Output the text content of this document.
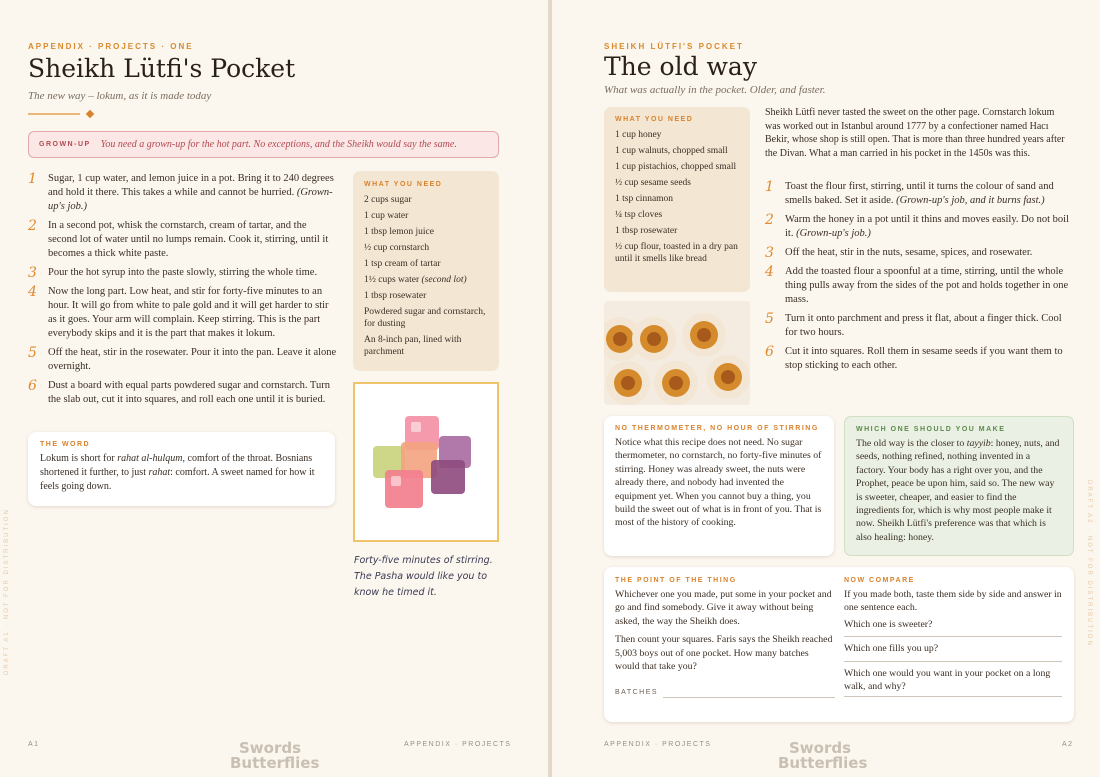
APPENDIX · PROJECTS · ONE
Sheikh Lütfi's Pocket
The new way – lokum, as it is made today
GROWN-UP You need a grown-up for the hot part. No exceptions, and the Sheikh would say the same.
1 Sugar, 1 cup water, and lemon juice in a pot. Bring it to 240 degrees and hold it there. This takes a while and cannot be hurried. (Grown-up's job.)
2 In a second pot, whisk the cornstarch, cream of tartar, and the second lot of water until no lumps remain. Cook it, stirring, until it becomes a thick white paste.
3 Pour the hot syrup into the paste slowly, stirring the whole time.
4 Now the long part. Low heat, and stir for forty-five minutes to an hour. It will go from white to pale gold and it will get harder to stir as it goes. Your arm will complain. Keep stirring. This is the part everybody skips and it is the part that makes it lokum.
5 Off the heat, stir in the rosewater. Pour it into the pan. Leave it alone overnight.
6 Dust a board with equal parts powdered sugar and cornstarch. Turn the slab out, cut it into squares, and roll each one until it is buried.
THE WORD
Lokum is short for rahat al-hulqum, comfort of the throat. Bosnians shortened it further, to just rahat: comfort. A sweet named for how it feels going down.
WHAT YOU NEED
2 cups sugar
1 cup water
1 tbsp lemon juice
½ cup cornstarch
1 tsp cream of tartar
1½ cups water (second lot)
1 tbsp rosewater
Powdered sugar and cornstarch, for dusting
An 8-inch pan, lined with parchment
Forty-five minutes of stirring.
The Pasha would like you to
know he timed it.
DRAFT A1 · NOT FOR DISTRIBUTION
A1	Swords
Butterflies
APPENDIX · PROJECTS
SHEIKH LÜTFI'S POCKET
The old way
What was actually in the pocket. Older, and faster.
WHAT YOU NEED
1 cup honey
1 cup walnuts, chopped small
1 cup pistachios, chopped small
½ cup sesame seeds
1 tsp cinnamon
¼ tsp cloves
1 tbsp rosewater
½ cup flour, toasted in a dry pan until it smells like bread
Sheikh Lütfi never tasted the sweet on the other page. Cornstarch lokum was worked out in Istanbul around 1777 by a confectioner named Hacı Bekir, whose shop is still open. That is more than three hundred years after the Divan. What a man carried in his pocket in the 1450s was this.
1 Toast the flour first, stirring, until it turns the colour of sand and smells baked. Set it aside. (Grown-up's job, and it burns fast.)
2 Warm the honey in a pot until it thins and moves easily. Do not boil it. (Grown-up's job.)
3 Off the heat, stir in the nuts, sesame, spices, and rosewater.
4 Add the toasted flour a spoonful at a time, stirring, until the whole thing pulls away from the sides of the pot and holds together in one mass.
5 Turn it onto parchment and press it flat, about a finger thick. Cool for two hours.
6 Cut it into squares. Roll them in sesame seeds if you want them to stop sticking to each other.
NO THERMOMETER, NO HOUR OF STIRRING
Notice what this recipe does not need. No sugar thermometer, no cornstarch, no forty-five minutes of stirring. Honey was already sweet, the nuts were already there, and nobody had invented the equipment yet. When you cannot buy a thing, you build the sweet out of what is in front of you. That is most of the history of cooking.
WHICH ONE SHOULD YOU MAKE
The old way is the closer to tayyib: honey, nuts, and seeds, nothing refined, nothing invented in a factory. Your body has a right over you, and the Prophet, peace be upon him, said so. The new way is sweeter, cheaper, and easier to find the ingredients for, which is why most people make it now. Sheikh Lütfi's preference was that which is also healing: honey.
THE POINT OF THE THING
Whichever one you made, put some in your pocket and go and find somebody. Give it away without being asked, the way the Sheikh does.
Then count your squares. Faris says the Sheikh reached 5,003 boys out of one pocket. How many batches would that take you?
BATCHES
NOW COMPARE
If you made both, taste them side by side and answer in one sentence each.
Which one is sweeter?
Which one fills you up?
Which one would you want in your pocket on a long walk, and why?
DRAFT A2 · NOT FOR DISTRIBUTION
APPENDIX · PROJECTS	Swords
Butterflies
A2
